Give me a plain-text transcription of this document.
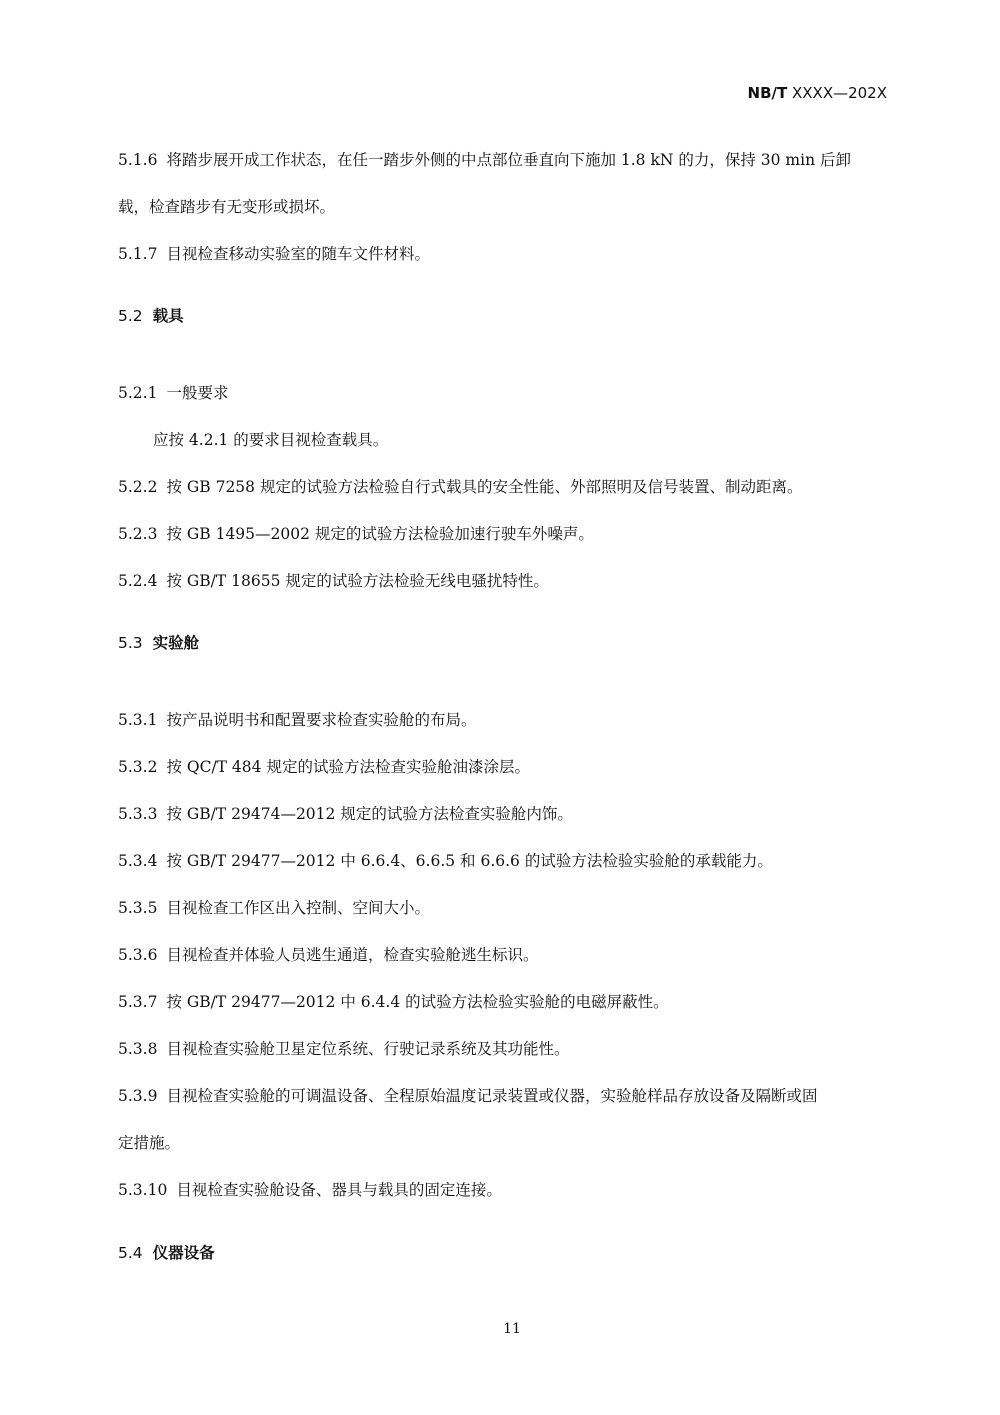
NB/T XXXX—202X

5.1.6 将踏步展开成工作状态，在任一踏步外侧的中点部位垂直向下施加 1.8 kN 的力，保持 30 min 后卸

载，检查踏步有无变形或损坏。

5.1.7 目视检查移动实验室的随车文件材料。

5.2 载具

5.2.1 一般要求

应按 4.2.1 的要求目视检查载具。

5.2.2 按 GB 7258 规定的试验方法检验自行式载具的安全性能、外部照明及信号装置、制动距离。

5.2.3 按 GB 1495—2002 规定的试验方法检验加速行驶车外噪声。

5.2.4 按 GB/T 18655 规定的试验方法检验无线电骚扰特性。

5.3 实验舱

5.3.1 按产品说明书和配置要求检查实验舱的布局。

5.3.2 按 QC/T 484 规定的试验方法检查实验舱油漆涂层。

5.3.3 按 GB/T 29474—2012 规定的试验方法检查实验舱内饰。

5.3.4 按 GB/T 29477—2012 中 6.6.4、6.6.5 和 6.6.6 的试验方法检验实验舱的承载能力。

5.3.5 目视检查工作区出入控制、空间大小。

5.3.6 目视检查并体验人员逃生通道，检查实验舱逃生标识。

5.3.7 按 GB/T 29477—2012 中 6.4.4 的试验方法检验实验舱的电磁屏蔽性。

5.3.8 目视检查实验舱卫星定位系统、行驶记录系统及其功能性。

5.3.9 目视检查实验舱的可调温设备、全程原始温度记录装置或仪器，实验舱样品存放设备及隔断或固

定措施。

5.3.10 目视检查实验舱设备、器具与载具的固定连接。

5.4 仪器设备

11
